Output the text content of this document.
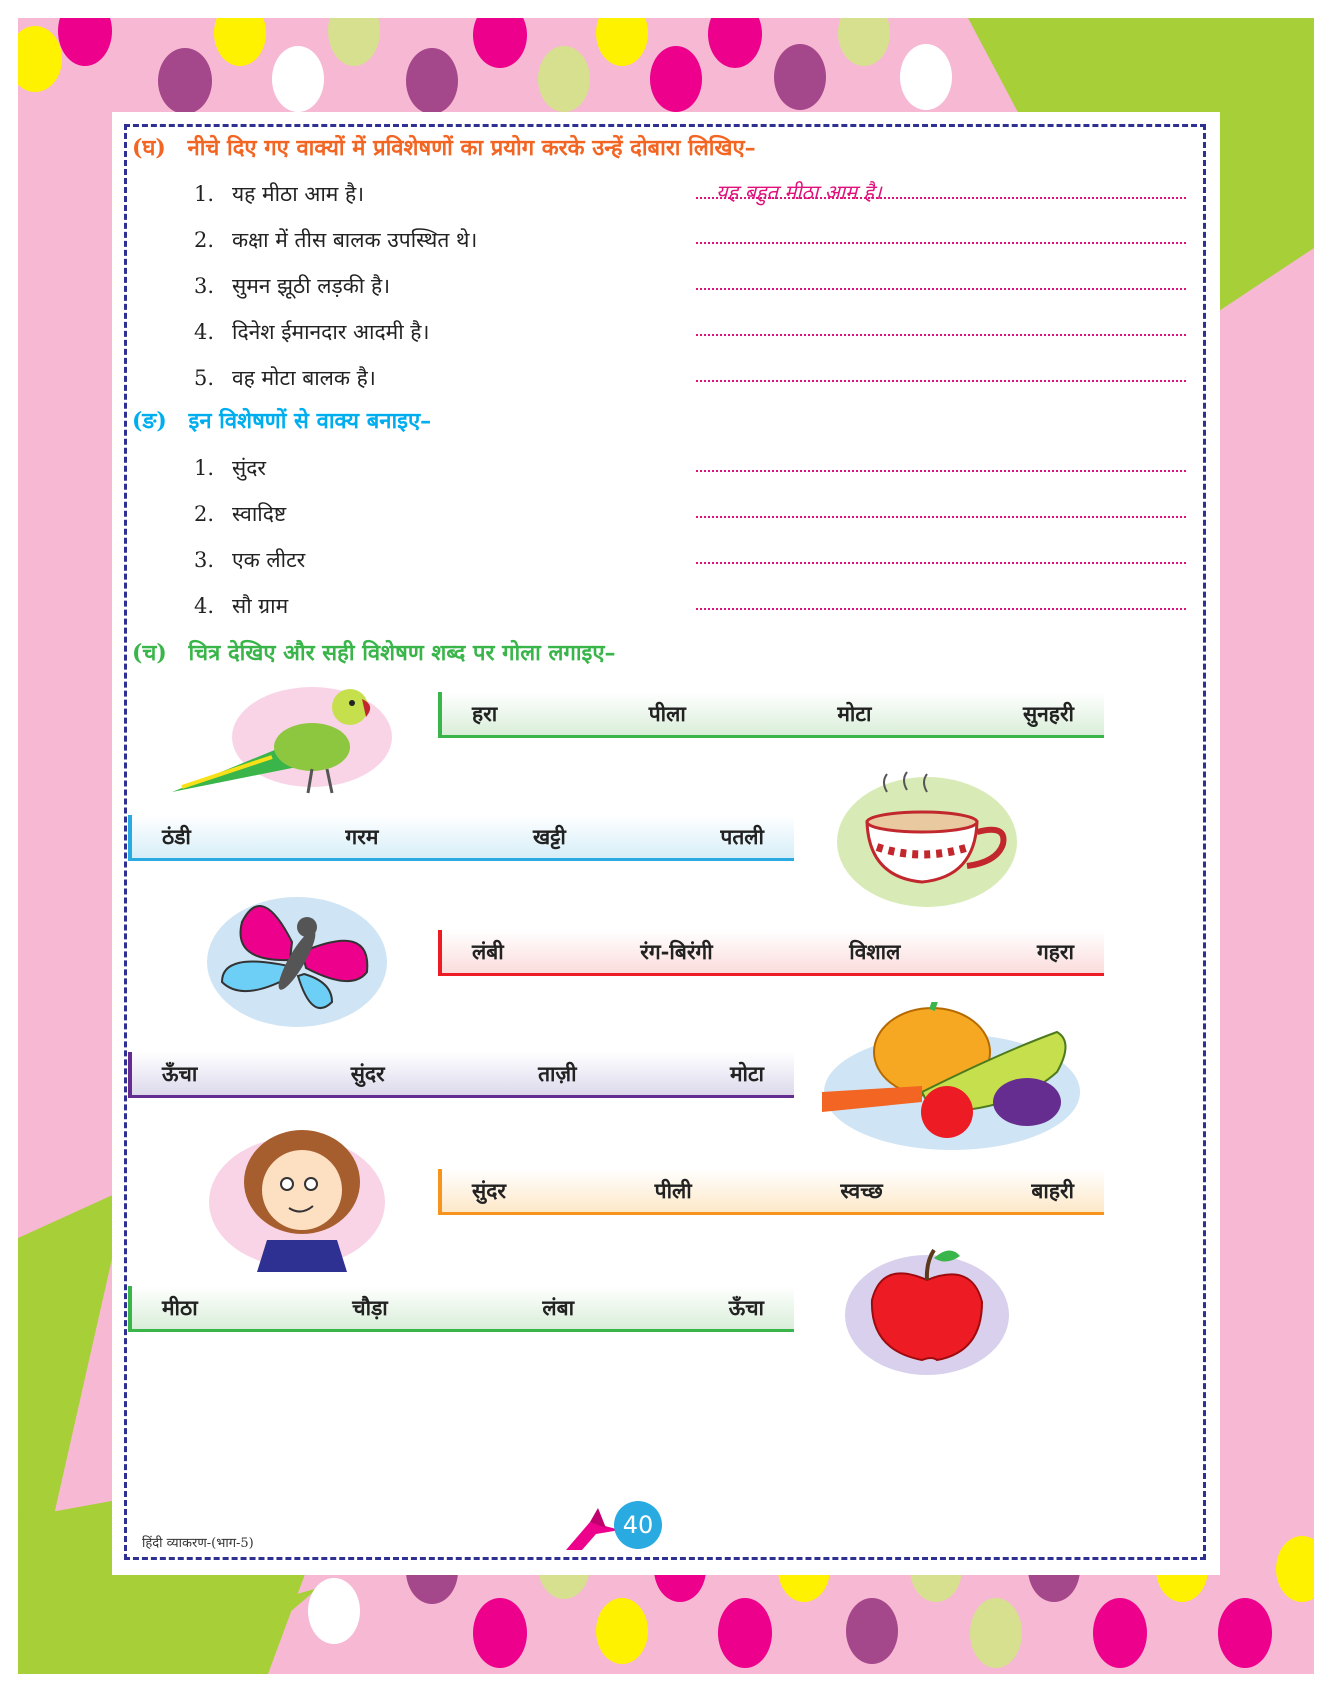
(घ) नीचे दिए गए वाक्यों में प्रविशेषणों का प्रयोग करके उन्हें दोबारा लिखिए–
1. यह मीठा आम है।	यह बहुत मीठा आम है।
2. कक्षा में तीस बालक उपस्थित थे।
3. सुमन झूठी लड़की है।
4. दिनेश ईमानदार आदमी है।
5. वह मोटा बालक है।
(ङ) इन विशेषणों से वाक्य बनाइए–
1. सुंदर
2. स्वादिष्ट
3. एक लीटर
4. सौ ग्राम
(च) चित्र देखिए और सही विशेषण शब्द पर गोला लगाइए–
हरा	पीला	मोटा	सुनहरी
ठंडी	गरम	खट्टी	पतली
लंबी	रंग-बिरंगी	विशाल	गहरा
ऊँचा	सुंदर	ताज़ी	मोटा
सुंदर	पीली	स्वच्छ	बाहरी
मीठा	चौड़ा	लंबा	ऊँचा
हिंदी व्याकरण-(भाग-5)
40
